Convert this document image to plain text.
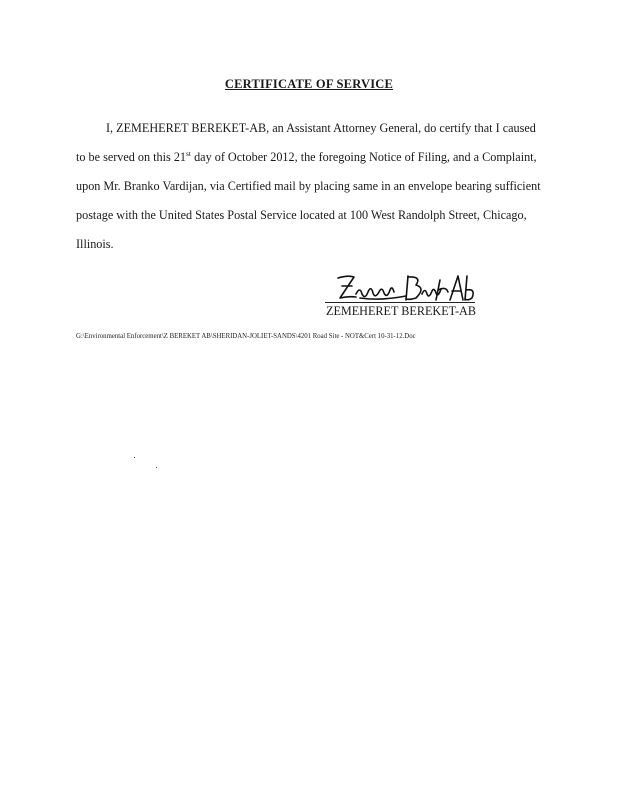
CERTIFICATE OF SERVICE
I, ZEMEHERET BEREKET-AB, an Assistant Attorney General, do certify that I caused
to be served on this 21st day of October 2012, the foregoing Notice of Filing, and a Complaint,
upon Mr. Branko Vardijan, via Certified mail by placing same in an envelope bearing sufficient
postage with the United States Postal Service located at 100 West Randolph Street, Chicago,
Illinois.
ZEMEHERET BEREKET-AB
G:\Environmental Enforcement\Z BEREKET AB\SHERIDAN-JOLIET-SANDS\4201 Road Site - NOT&Cert 10-31-12.Doc
